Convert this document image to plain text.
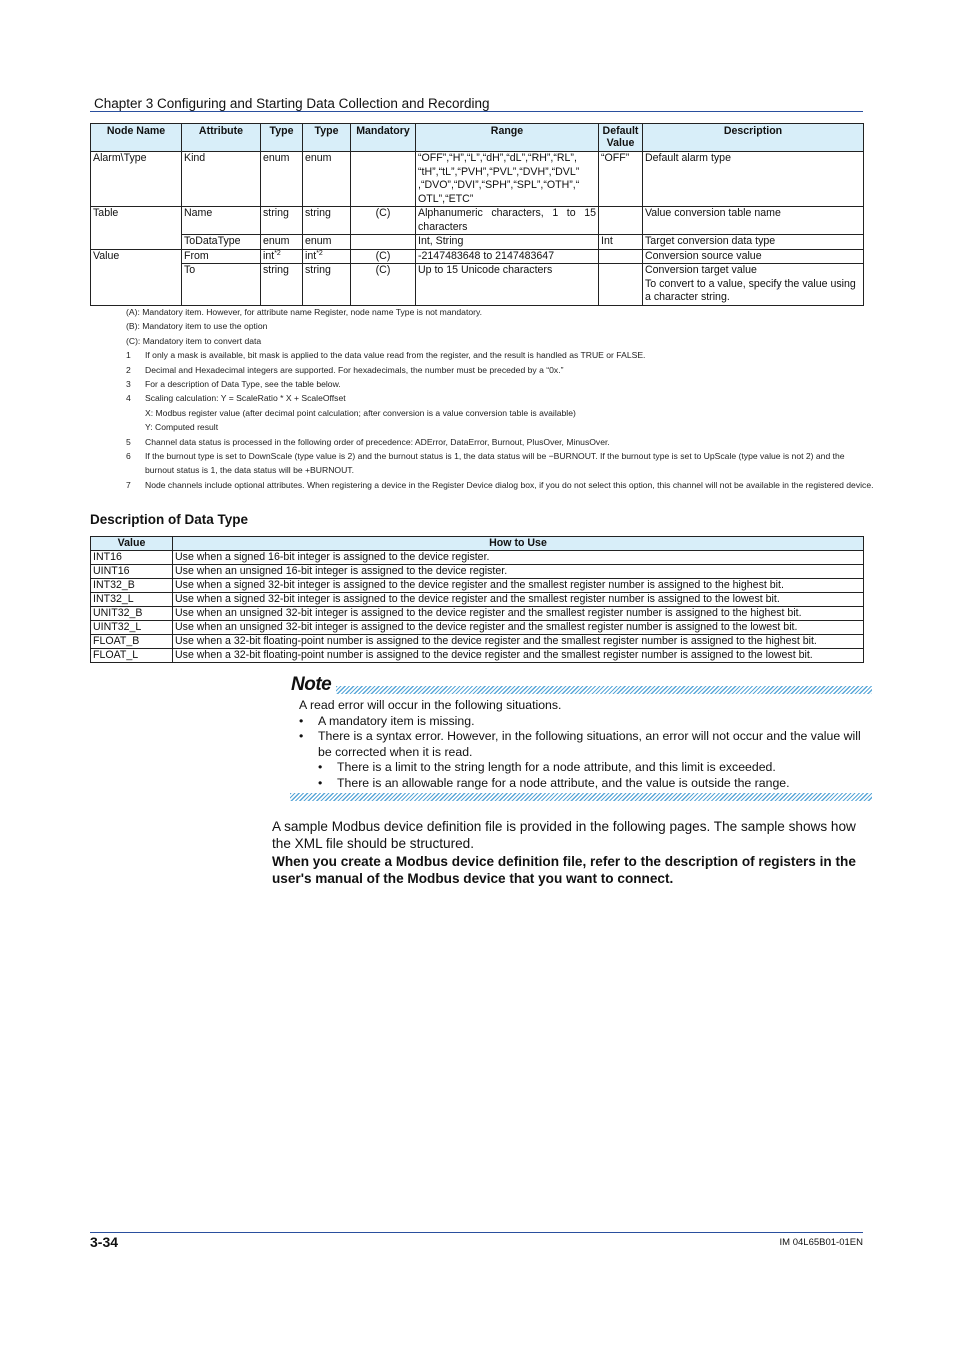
Chapter 3 Configuring and Starting Data Collection and Recording
Node Name	Attribute	Type	Type	Mandatory	Range	Default Value	Description
Alarm\Type	Kind	enum	enum		“OFF”,“H”,“L”,“dH”,“dL”,“RH”,“RL”, “tH”,“tL”,“PVH”,“PVL”,“DVH”,“DVL” ,“DVO”,“DVI”,“SPH”,“SPL”,“OTH”,“ OTL”,“ETC”	“OFF”	Default alarm type
Table	Name	string	string	(C)	Alphanumeric characters, 1 to 15 characters		Value conversion table name
	ToDataType	enum	enum		Int, String	Int	Target conversion data type
Value	From	int$^{*2}$	int$^{*2}$	(C)	-2147483648 to 2147483647		Conversion source value
	To	string	string	(C)	Up to 15 Unicode characters		Conversion target value
To convert to a value, specify the value using a character string.
(A): Mandatory item. However, for attribute name Register, node name Type is not mandatory.
(B): Mandatory item to use the option
(C): Mandatory item to convert data
1	If only a mask is available, bit mask is applied to the data value read from the register, and the result is handled as TRUE or FALSE.
2	Decimal and Hexadecimal integers are supported. For hexadecimals, the number must be preceded by a “0x.”
3	For a description of Data Type, see the table below.
4	Scaling calculation: Y = ScaleRatio * X + ScaleOffset
X: Modbus register value (after decimal point calculation; after conversion is a value conversion table is available)
Y: Computed result
5	Channel data status is processed in the following order of precedence: ADError, DataError, Burnout, PlusOver, MinusOver.
6	If the burnout type is set to DownScale (type value is 2) and the burnout status is 1, the data status will be −BURNOUT. If the burnout type is set to UpScale (type value is not 2) and the burnout status is 1, the data status will be +BURNOUT.
7	Node channels include optional attributes. When registering a device in the Register Device dialog box, if you do not select this option, this channel will not be available in the registered device.
Description of Data Type
Value	How to Use
INT16	Use when a signed 16-bit integer is assigned to the device register.
UINT16	Use when an unsigned 16-bit integer is assigned to the device register.
INT32_B	Use when a signed 32-bit integer is assigned to the device register and the smallest register number is assigned to the highest bit.
INT32_L	Use when a signed 32-bit integer is assigned to the device register and the smallest register number is assigned to the lowest bit.
UNIT32_B	Use when an unsigned 32-bit integer is assigned to the device register and the smallest register number is assigned to the highest bit.
UINT32_L	Use when an unsigned 32-bit integer is assigned to the device register and the smallest register number is assigned to the lowest bit.
FLOAT_B	Use when a 32-bit floating-point number is assigned to the device register and the smallest register number is assigned to the highest bit.
FLOAT_L	Use when a 32-bit floating-point number is assigned to the device register and the smallest register number is assigned to the lowest bit.
Note
A read error will occur in the following situations.
•	A mandatory item is missing.
•	There is a syntax error. However, in the following situations, an error will not occur and the value will be corrected when it is read.
•	There is a limit to the string length for a node attribute, and this limit is exceeded.
•	There is an allowable range for a node attribute, and the value is outside the range.
A sample Modbus device definition file is provided in the following pages. The sample shows how the XML file should be structured.
When you create a Modbus device definition file, refer to the description of registers in the user's manual of the Modbus device that you want to connect.
3-34	IM 04L65B01-01EN
